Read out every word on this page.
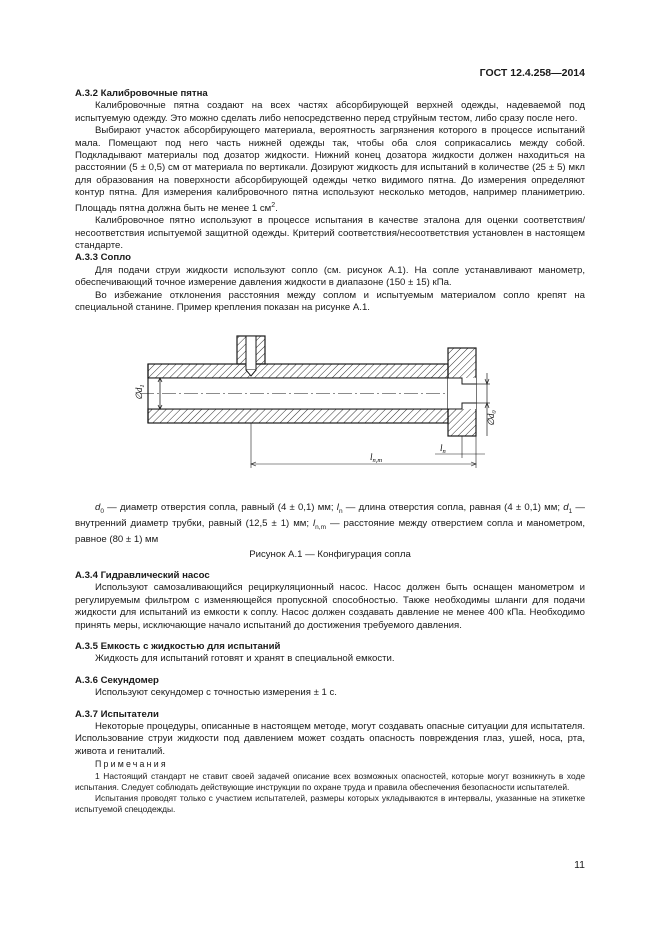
ГОСТ 12.4.258—2014
А.3.2 Калибровочные пятна
Калибровочные пятна создают на всех частях абсорбирующей верхней одежды, надеваемой под испытуемую одежду. Это можно сделать либо непосредственно перед струйным тестом, либо сразу после него.
Выбирают участок абсорбирующего материала, вероятность загрязнения которого в процессе испытаний мала. Помещают под него часть нижней одежды так, чтобы оба слоя соприкасались между собой. Подкладывают материалы под дозатор жидкости. Нижний конец дозатора жидкости должен находиться на расстоянии (5 ± 0,5) см от материала по вертикали. Дозируют жидкость для испытаний в количестве (25 ± 5) мкл для образования на поверхности абсорбирующей одежды четко видимого пятна. До измерения определяют контур пятна. Для измерения калибровочного пятна используют несколько методов, например планиметрию. Площадь пятна должна быть не менее 1 $см^2$.
Калибровочное пятно используют в процессе испытания в качестве эталона для оценки соответствия/несоответствия испытуемой защитной одежды. Критерий соответствия/несоответствия установлен в настоящем стандарте.
А.3.3 Сопло
Для подачи струи жидкости используют сопло (см. рисунок А.1). На сопле устанавливают манометр, обеспечивающий точное измерение давления жидкости в диапазоне (150 ± 15) кПа.
Во избежание отклонения расстояния между соплом и испытуемым материалом сопло крепят на специальной станине. Пример крепления показан на рисунке А.1.
$\emptyset d_1$
$\emptyset d_0$
$l_n$
$l_{n,m}$
$d_0$ — диаметр отверстия сопла, равный (4 ± 0,1) мм; $l_n$ — длина отверстия сопла, равная (4 ± 0,1) мм; $d_1$ — внутренний диаметр трубки, равный (12,5 ± 1) мм; $l_{n,m}$ — расстояние между отверстием сопла и манометром, равное (80 ± 1) мм
Рисунок А.1 — Конфигурация сопла
А.3.4 Гидравлический насос
Используют самозаливающийся рециркуляционный насос. Насос должен быть оснащен манометром и регулируемым фильтром с изменяющейся пропускной способностью. Также необходимы шланги для подачи жидкости для испытаний из емкости к соплу. Насос должен создавать давление не менее 400 кПа. Необходимо принять меры, исключающие начало испытаний до достижения требуемого давления.
А.3.5 Емкость с жидкостью для испытаний
Жидкость для испытаний готовят и хранят в специальной емкости.
А.3.6 Секундомер
Используют секундомер с точностью измерения ± 1 с.
А.3.7 Испытатели
Некоторые процедуры, описанные в настоящем методе, могут создавать опасные ситуации для испытателя. Использование струи жидкости под давлением может создать опасность повреждения глаз, ушей, носа, рта, живота и гениталий.
Примечания
1 Настоящий стандарт не ставит своей задачей описание всех возможных опасностей, которые могут возникнуть в ходе испытания. Следует соблюдать действующие инструкции по охране труда и правила обеспечения безопасности испытателей.
Испытания проводят только с участием испытателей, размеры которых укладываются в интервалы, указанные на этикетке испытуемой спецодежды.
11
